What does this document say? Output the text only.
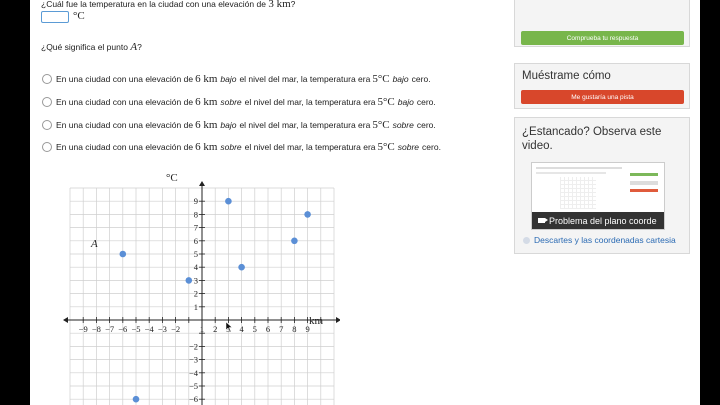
¿Cuál fue la temperatura en la ciudad con una elevación de 3 km?
°C
¿Qué significa el punto A?
En una ciudad con una elevación de 6 km bajo el nivel del mar, la temperatura era 5°C bajo cero.
En una ciudad con una elevación de 6 km sobre el nivel del mar, la temperatura era 5°C bajo cero.
En una ciudad con una elevación de 6 km bajo el nivel del mar, la temperatura era 5°C sobre cero.
En una ciudad con una elevación de 6 km sobre el nivel del mar, la temperatura era 5°C sobre cero.
−9 −8 −7 −6 −5 −4 −3 −2 1 2	4 5 6 7 8 9
1
2
3
4
5
6
7
8
9
−2
−3
−4
−5
−6
°C
km
A
Comprueba tu respuesta
Muéstrame cómo
Me gustaría una pista
¿Estancado? Observa este video.
Problema del plano coorde
Descartes y las coordenadas cartesia
